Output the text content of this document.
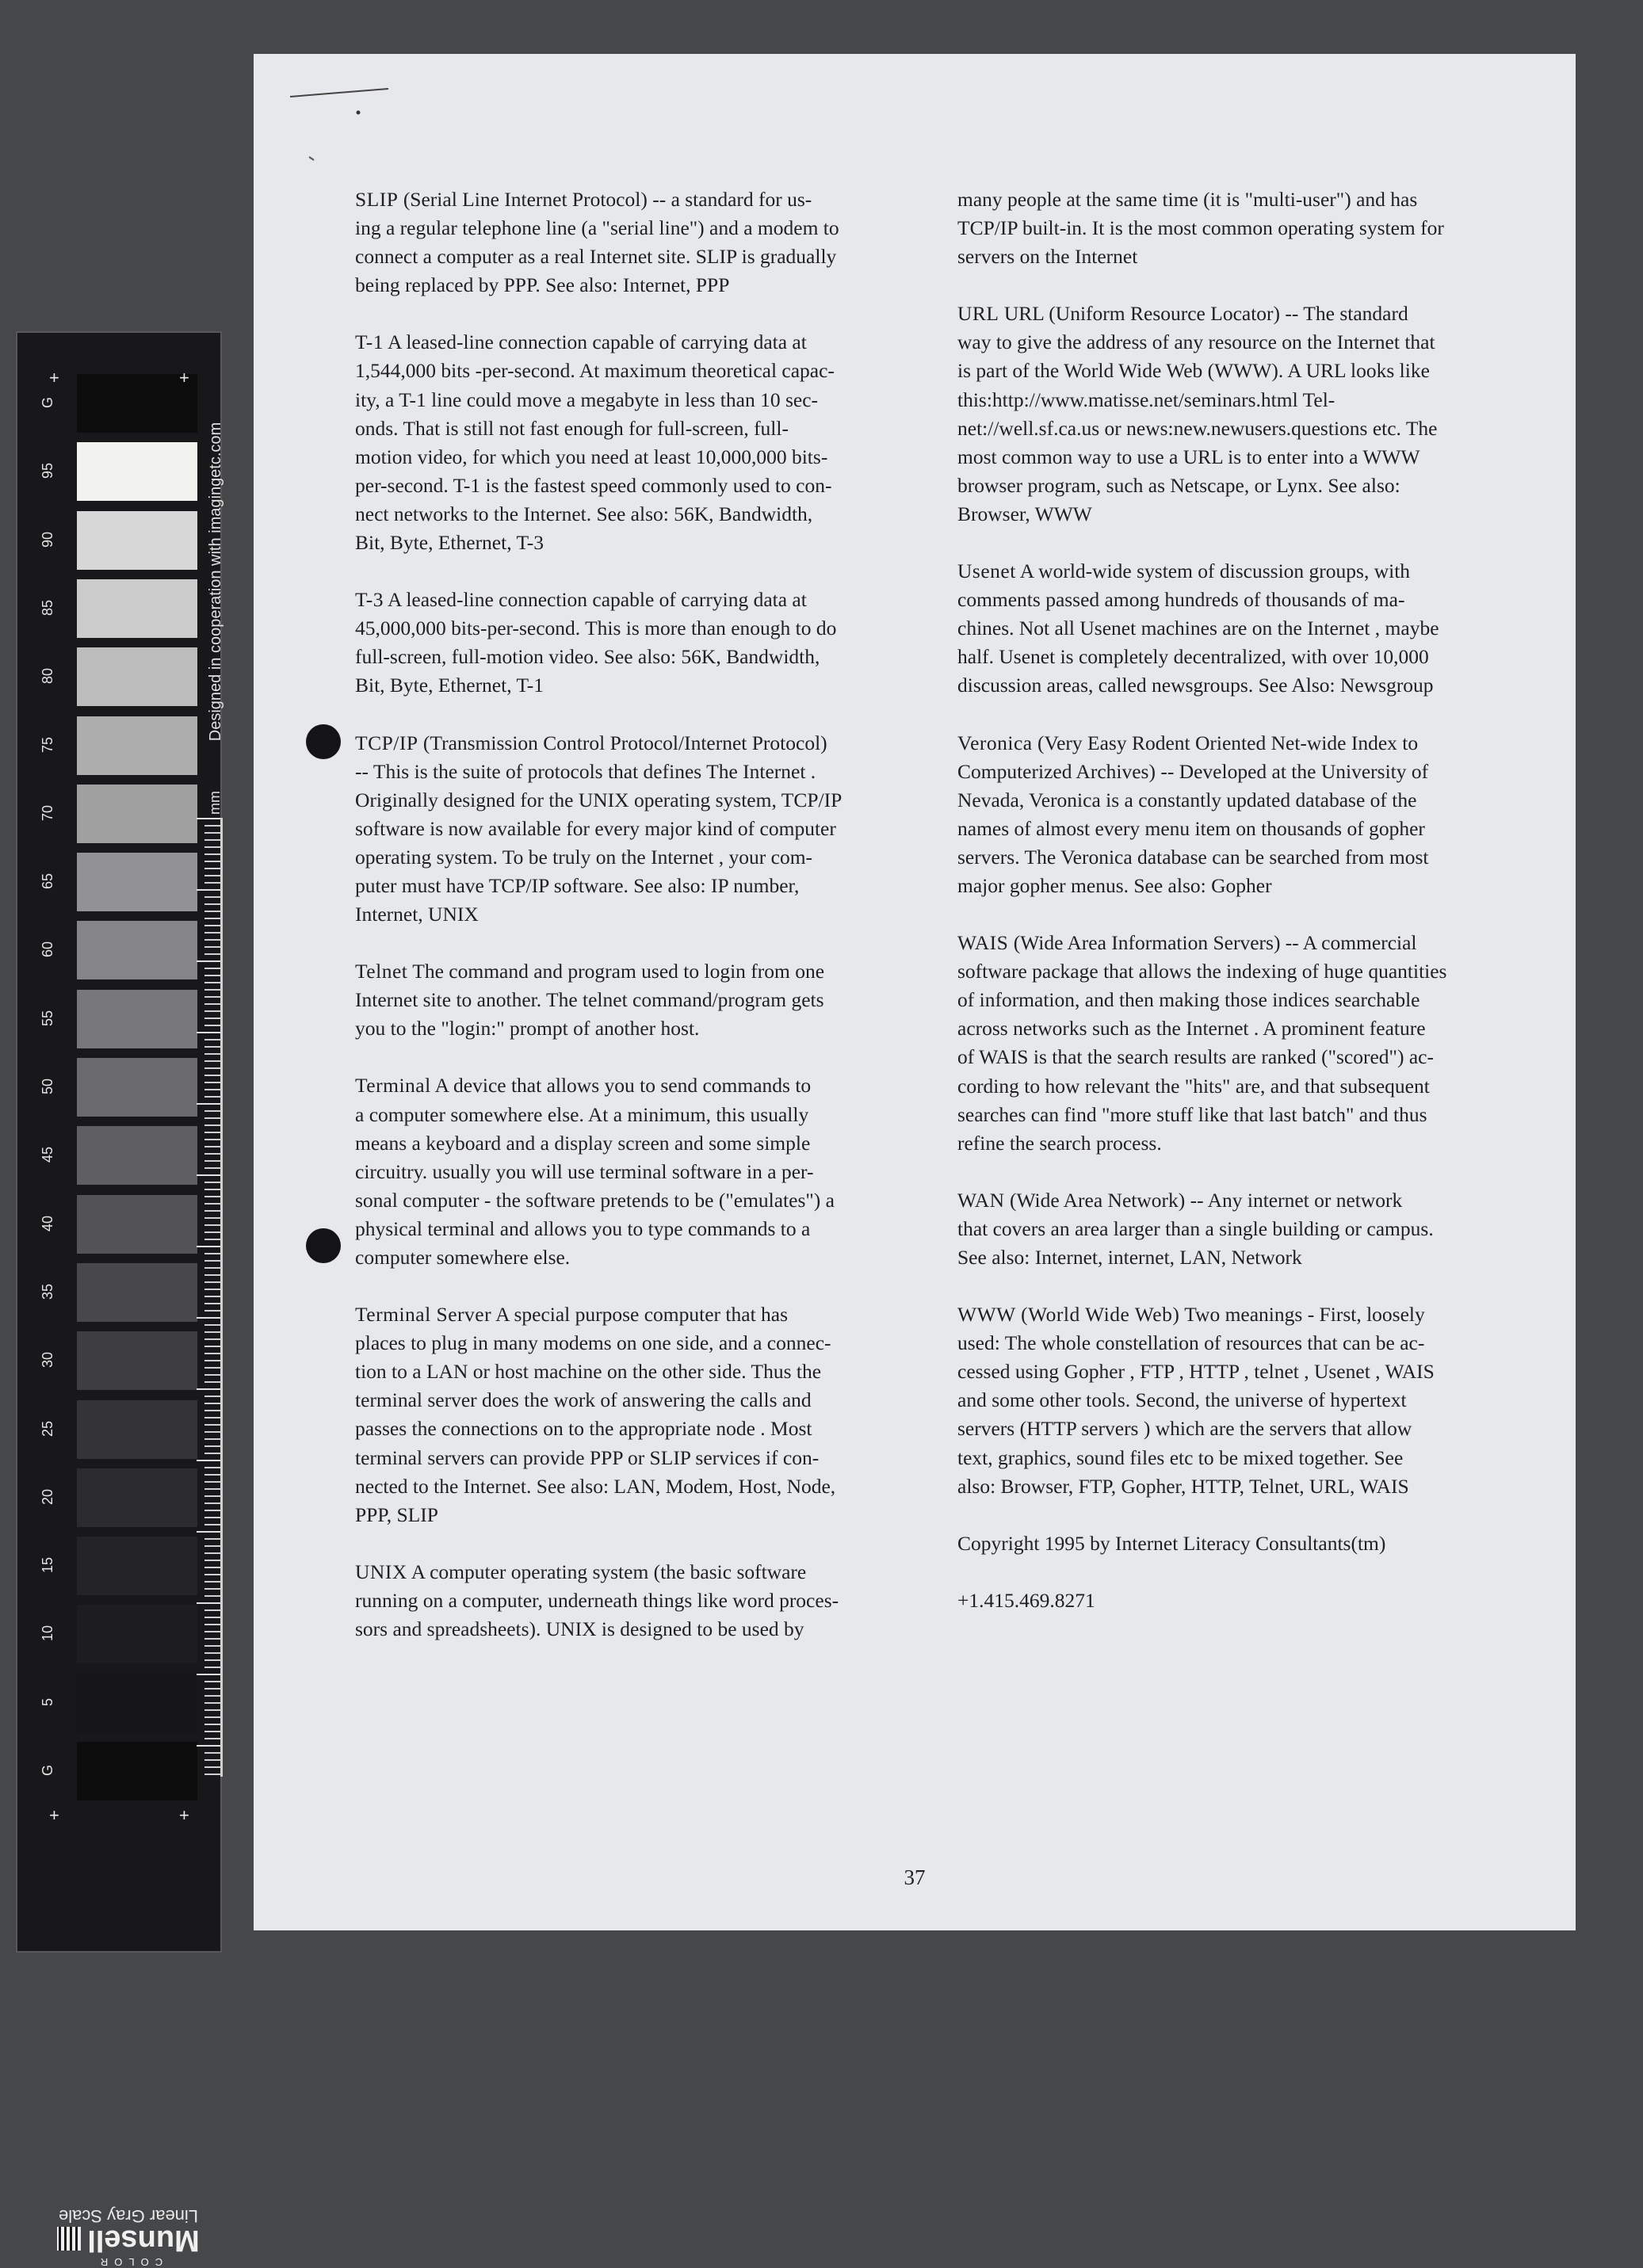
G
95
90
85
80
75
70
65
60
55
50
45
40
35
30
25
20
15
10
5
G
+	+
+	+
Designed in cooperation with imagingetc.com
mm
Linear Gray Scale
COLOR
Munsell
SLIP (Serial Line Internet Protocol) -- a standard for us-
ing a regular telephone line (a "serial line") and a modem to
connect a computer as a real Internet site. SLIP is gradually
being replaced by PPP. See also: Internet, PPP
T-1 A leased-line connection capable of carrying data at
1,544,000 bits -per-second. At maximum theoretical capac-
ity, a T-1 line could move a megabyte in less than 10 sec-
onds. That is still not fast enough for full-screen, full-
motion video, for which you need at least 10,000,000 bits-
per-second. T-1 is the fastest speed commonly used to con-
nect networks to the Internet. See also: 56K, Bandwidth,
Bit, Byte, Ethernet, T-3
T-3 A leased-line connection capable of carrying data at
45,000,000 bits-per-second. This is more than enough to do
full-screen, full-motion video. See also: 56K, Bandwidth,
Bit, Byte, Ethernet, T-1
TCP/IP (Transmission Control Protocol/Internet Protocol)
-- This is the suite of protocols that defines The Internet .
Originally designed for the UNIX operating system, TCP/IP
software is now available for every major kind of computer
operating system. To be truly on the Internet , your com-
puter must have TCP/IP software. See also: IP number,
Internet, UNIX
Telnet The command and program used to login from one
Internet site to another. The telnet command/program gets
you to the "login:" prompt of another host.
Terminal A device that allows you to send commands to
a computer somewhere else. At a minimum, this usually
means a keyboard and a display screen and some simple
circuitry. usually you will use terminal software in a per-
sonal computer - the software pretends to be ("emulates") a
physical terminal and allows you to type commands to a
computer somewhere else.
Terminal Server A special purpose computer that has
places to plug in many modems on one side, and a connec-
tion to a LAN or host machine on the other side. Thus the
terminal server does the work of answering the calls and
passes the connections on to the appropriate node . Most
terminal servers can provide PPP or SLIP services if con-
nected to the Internet. See also: LAN, Modem, Host, Node,
PPP, SLIP
UNIX A computer operating system (the basic software
running on a computer, underneath things like word proces-
sors and spreadsheets). UNIX is designed to be used by
many people at the same time (it is "multi-user") and has
TCP/IP built-in. It is the most common operating system for
servers on the Internet
URL URL (Uniform Resource Locator) -- The standard
way to give the address of any resource on the Internet that
is part of the World Wide Web (WWW). A URL looks like
this:http://www.matisse.net/seminars.html Tel-
net://well.sf.ca.us or news:new.newusers.questions etc. The
most common way to use a URL is to enter into a WWW
browser program, such as Netscape, or Lynx. See also:
Browser, WWW
Usenet A world-wide system of discussion groups, with
comments passed among hundreds of thousands of ma-
chines. Not all Usenet machines are on the Internet , maybe
half. Usenet is completely decentralized, with over 10,000
discussion areas, called newsgroups. See Also: Newsgroup
Veronica (Very Easy Rodent Oriented Net-wide Index to
Computerized Archives) -- Developed at the University of
Nevada, Veronica is a constantly updated database of the
names of almost every menu item on thousands of gopher
servers. The Veronica database can be searched from most
major gopher menus. See also: Gopher
WAIS (Wide Area Information Servers) -- A commercial
software package that allows the indexing of huge quantities
of information, and then making those indices searchable
across networks such as the Internet . A prominent feature
of WAIS is that the search results are ranked ("scored") ac-
cording to how relevant the "hits" are, and that subsequent
searches can find "more stuff like that last batch" and thus
refine the search process.
WAN (Wide Area Network) -- Any internet or network
that covers an area larger than a single building or campus.
See also: Internet, internet, LAN, Network
WWW (World Wide Web) Two meanings - First, loosely
used: The whole constellation of resources that can be ac-
cessed using Gopher , FTP , HTTP , telnet , Usenet , WAIS
and some other tools. Second, the universe of hypertext
servers (HTTP servers ) which are the servers that allow
text, graphics, sound files etc to be mixed together. See
also: Browser, FTP, Gopher, HTTP, Telnet, URL, WAIS
Copyright 1995 by Internet Literacy Consultants(tm)
+1.415.469.8271
37
